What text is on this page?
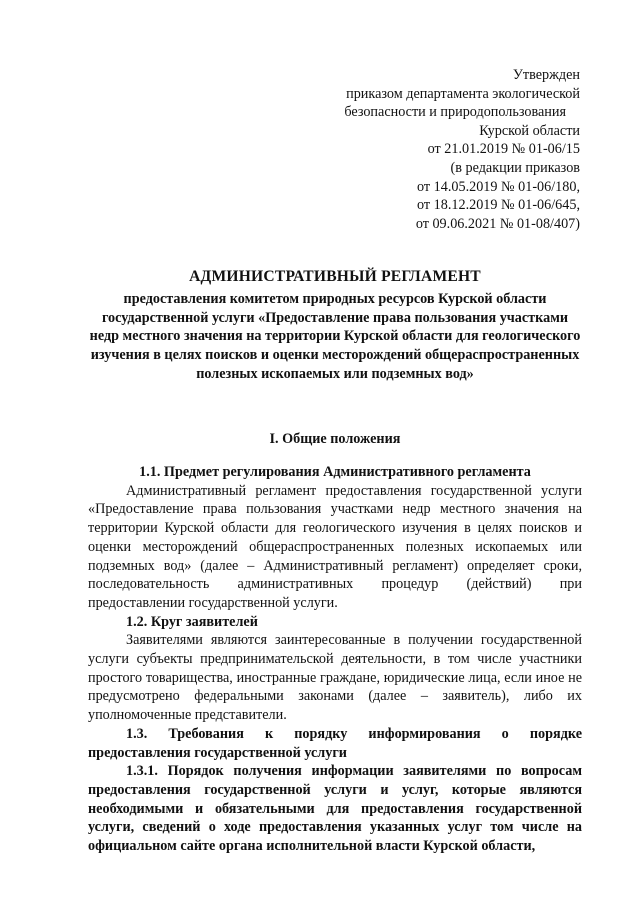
Утвержден
приказом департамента экологической
безопасности и природопользования
Курской области
от 21.01.2019 № 01-06/15
(в редакции приказов
от 14.05.2019 № 01-06/180,
от 18.12.2019 № 01-06/645,
от 09.06.2021 № 01-08/407)
АДМИНИСТРАТИВНЫЙ РЕГЛАМЕНТ
предоставления комитетом природных ресурсов Курской области государственной услуги «Предоставление права пользования участками недр местного значения на территории Курской области для геологического изучения в целях поисков и оценки месторождений общераспространенных полезных ископаемых или подземных вод»
I. Общие положения

1.1. Предмет регулирования Административного регламента

Административный регламент предоставления государственной услуги «Предоставление права пользования участками недр местного значения на территории Курской области для геологического изучения в целях поисков и оценки месторождений общераспространенных полезных ископаемых или подземных вод» (далее – Административный регламент) определяет сроки, последовательность административных процедур (действий) при предоставлении государственной услуги.

1.2. Круг заявителей

Заявителями являются заинтересованные в получении государственной услуги субъекты предпринимательской деятельности, в том числе участники простого товарищества, иностранные граждане, юридические лица, если иное не предусмотрено федеральными законами (далее – заявитель), либо их уполномоченные представители.

1.3. Требования к порядку информирования о порядке предоставления государственной услуги

1.3.1. Порядок получения информации заявителями по вопросам предоставления государственной услуги и услуг, которые являются необходимыми и обязательными для предоставления государственной услуги, сведений о ходе предоставления указанных услуг том числе на официальном сайте органа исполнительной власти Курской области,
